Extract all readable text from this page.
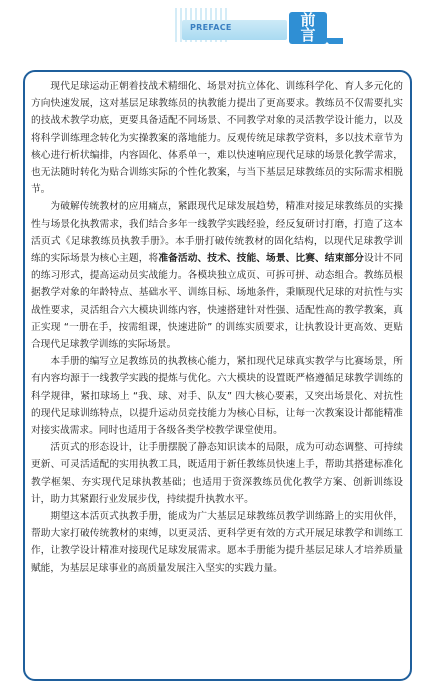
PREFACE	前
言

现代足球运动正朝着技战术精细化、场景对抗立体化、训练科学化、育人多元化的方向快速发展，这对基层足球教练员的执教能力提出了更高要求。教练员不仅需要扎实的技战术教学功底，更要具备适配不同场景、不同教学对象的灵活教学设计能力，以及将科学训练理念转化为实操教案的落地能力。反观传统足球教学资料，多以技术章节为核心进行析状编排，内容固化、体系单一，难以快速响应现代足球的场景化教学需求，也无法随时转化为贴合训练实际的个性化教案，与当下基层足球教练员的实际需求相脱节。

为破解传统教材的应用痛点，紧跟现代足球发展趋势，精准对接足球教练员的实操性与场景化执教需求，我们结合多年一线教学实践经验，经反复研讨打磨，打造了这本活页式《足球教练员执教手册》。本手册打破传统教材的固化结构，以现代足球教学训练的实际场景为核心主题，将准备活动、技术、技能、场景、比赛、结束部分设计不同的练习形式，提高运动员实战能力。各模块独立成页、可拆可拼、动态组合。教练员根据教学对象的年龄特点、基础水平、训练目标、场地条件，秉顺现代足球的对抗性与实战性要求，灵活组合六大模块训练内容，快速搭建针对性强、适配性高的教学教案，真正实现 “一册在手，按需组课，快速进阶” 的训练实质要求，让执教设计更高效、更贴合现代足球教学训练的实际场景。

本手册的编写立足教练员的执教核心能力，紧扣现代足球真实教学与比赛场景，所有内容均源于一线教学实践的提炼与优化。六大模块的设置既严格遵循足球教学训练的科学规律，紧扣球场上 “我、球、对手、队友” 四大核心要素，又突出场景化、对抗性的现代足球训练特点，以提升运动员竞技能力为核心目标，让每一次教案设计都能精准对接实战需求。同时也适用于各级各类学校教学课堂使用。

活页式的形态设计，让手册摆脱了静态知识读本的局限，成为可动态调整、可持续更新、可灵活适配的实用执教工具，既适用于新任教练员快速上手，帮助其搭建标准化教学框架、夯实现代足球执教基础；也适用于资深教练员优化教学方案、创新训练设计，助力其紧跟行业发展步伐，持续提升执教水平。

期望这本活页式执教手册，能成为广大基层足球教练员教学训练路上的实用伙伴，帮助大家打破传统教材的束缚，以更灵活、更科学更有效的方式开展足球教学和训练工作，让教学设计精准对接现代足球发展需求。愿本手册能为提升基层足球人才培养质量赋能，为基层足球事业的高质量发展注入坚实的实践力量。
